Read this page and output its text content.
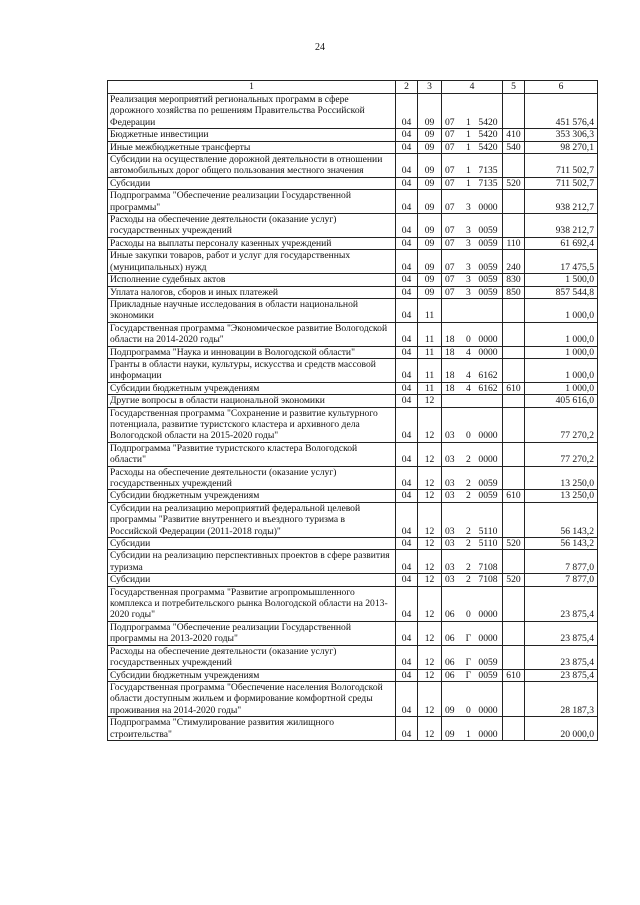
24
1	2	3	4	5	6
Реализация мероприятий региональных программ в сфере дорожного хозяйства по решениям Правительства Российской Федерации	04	09	07 1 5420		451 576,4
Бюджетные инвестиции	04	09	07 1 5420	410	353 306,3
Иные межбюджетные трансферты	04	09	07 1 5420	540	98 270,1
Субсидии на осуществление дорожной деятельности в отношении автомобильных дорог общего пользования местного значения	04	09	07 1 7135		711 502,7
Субсидии	04	09	07 1 7135	520	711 502,7
Подпрограмма "Обеспечение реализации Государственной программы"	04	09	07 3 0000		938 212,7
Расходы на обеспечение деятельности (оказание услуг) государственных учреждений	04	09	07 3 0059		938 212,7
Расходы на выплаты персоналу казенных учреждений	04	09	07 3 0059	110	61 692,4
Иные закупки товаров, работ и услуг для государственных (муниципальных) нужд	04	09	07 3 0059	240	17 475,5
Исполнение судебных актов	04	09	07 3 0059	830	1 500,0
Уплата налогов, сборов и иных платежей	04	09	07 3 0059	850	857 544,8
Прикладные научные исследования в области национальной экономики	04	11			1 000,0
Государственная программа "Экономическое развитие Вологодской области на 2014-2020 годы"	04	11	18 0 0000		1 000,0
Подпрограмма "Наука и инновации в Вологодской области"	04	11	18 4 0000		1 000,0
Гранты в области науки, культуры, искусства и средств массовой информации	04	11	18 4 6162		1 000,0
Субсидии бюджетным учреждениям	04	11	18 4 6162	610	1 000,0
Другие вопросы в области национальной экономики	04	12			405 616,0
Государственная программа "Сохранение и развитие культурного потенциала, развитие туристского кластера и архивного дела Вологодской области на 2015-2020 годы"	04	12	03 0 0000		77 270,2
Подпрограмма "Развитие туристского кластера Вологодской области"	04	12	03 2 0000		77 270,2
Расходы на обеспечение деятельности (оказание услуг) государственных учреждений	04	12	03 2 0059		13 250,0
Субсидии бюджетным учреждениям	04	12	03 2 0059	610	13 250,0
Субсидии на реализацию мероприятий федеральной целевой программы "Развитие внутреннего и въездного туризма в Российской Федерации (2011-2018 годы)"	04	12	03 2 5110		56 143,2
Субсидии	04	12	03 2 5110	520	56 143,2
Субсидии на реализацию перспективных проектов в сфере развития туризма	04	12	03 2 7108		7 877,0
Субсидии	04	12	03 2 7108	520	7 877,0
Государственная программа "Развитие агропромышленного комплекса и потребительского рынка Вологодской области на 2013-2020 годы"	04	12	06 0 0000		23 875,4
Подпрограмма "Обеспечение реализации Государственной программы на 2013-2020 годы"	04	12	06 Г 0000		23 875,4
Расходы на обеспечение деятельности (оказание услуг) государственных учреждений	04	12	06 Г 0059		23 875,4
Субсидии бюджетным учреждениям	04	12	06 Г 0059	610	23 875,4
Государственная программа "Обеспечение населения Вологодской области доступным жильем и формирование комфортной среды проживания на 2014-2020 годы"	04	12	09 0 0000		28 187,3
Подпрограмма "Стимулирование развития жилищного строительства"	04	12	09 1 0000		20 000,0
